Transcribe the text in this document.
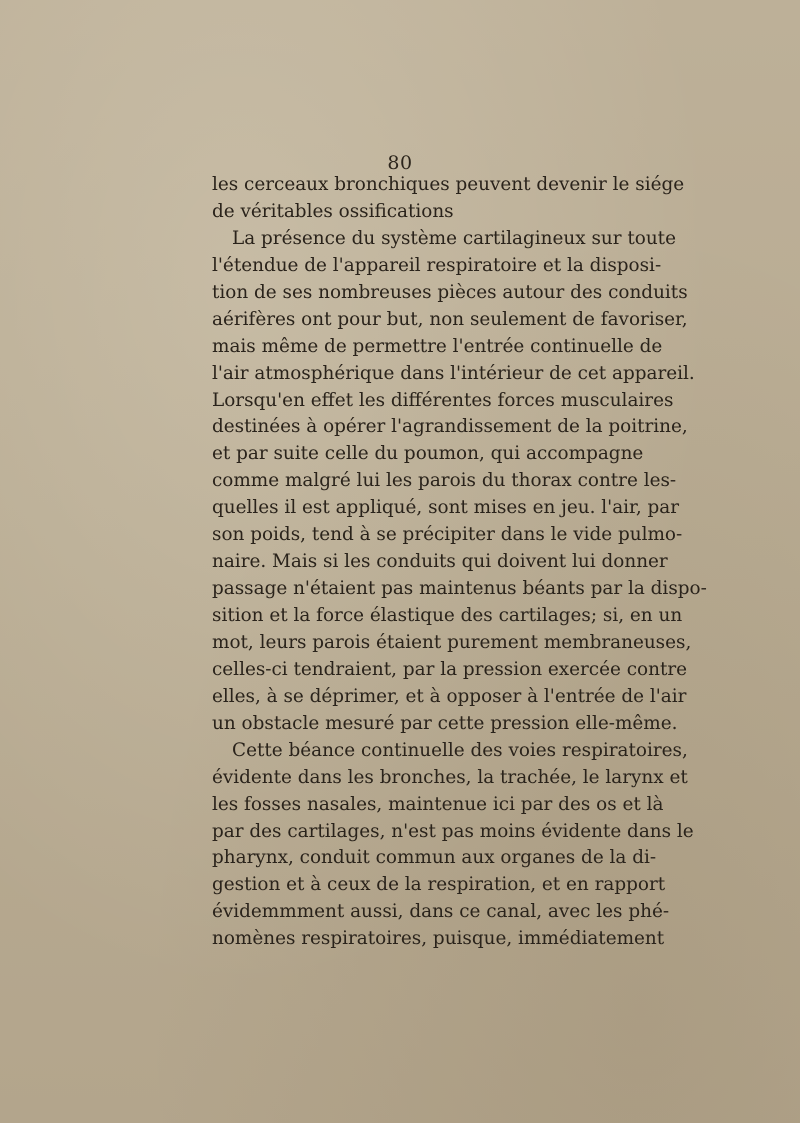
80
les cerceaux bronchiques peuvent devenir le siége
de véritables ossifications
La présence du système cartilagineux sur toute
l'étendue de l'appareil respiratoire et la disposi-
tion de ses nombreuses pièces autour des conduits
aérifères ont pour but, non seulement de favoriser,
mais même de permettre l'entrée continuelle de
l'air atmosphérique dans l'intérieur de cet appareil.
Lorsqu'en effet les différentes forces musculaires
destinées à opérer l'agrandissement de la poitrine,
et par suite celle du poumon, qui accompagne
comme malgré lui les parois du thorax contre les-
quelles il est appliqué, sont mises en jeu. l'air, par
son poids, tend à se précipiter dans le vide pulmo-
naire. Mais si les conduits qui doivent lui donner
passage n'étaient pas maintenus béants par la dispo-
sition et la force élastique des cartilages; si, en un
mot, leurs parois étaient purement membraneuses,
celles-ci tendraient, par la pression exercée contre
elles, à se déprimer, et à opposer à l'entrée de l'air
un obstacle mesuré par cette pression elle-même.
Cette béance continuelle des voies respiratoires,
évidente dans les bronches, la trachée, le larynx et
les fosses nasales, maintenue ici par des os et là
par des cartilages, n'est pas moins évidente dans le
pharynx, conduit commun aux organes de la di-
gestion et à ceux de la respiration, et en rapport
évidemmment aussi, dans ce canal, avec les phé-
nomènes respiratoires, puisque, immédiatement
